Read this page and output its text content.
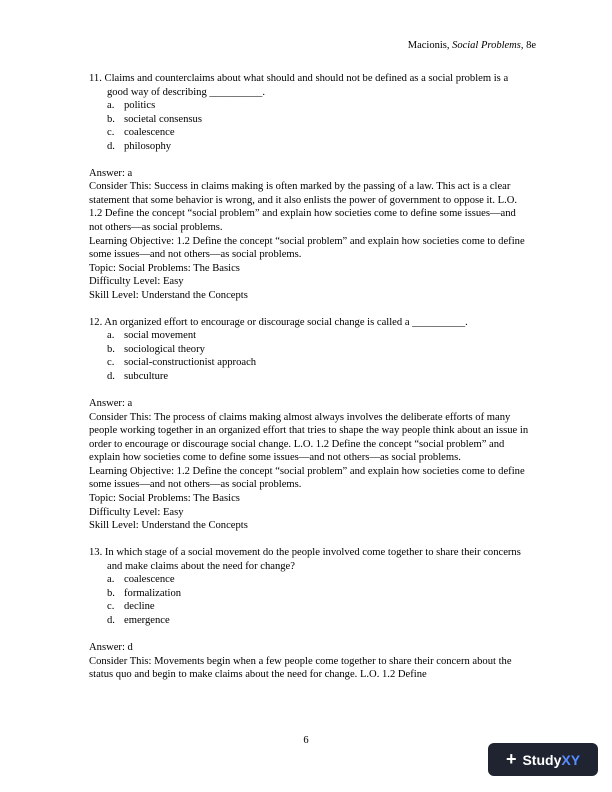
Macionis, Social Problems, 8e
11. Claims and counterclaims about what should and should not be defined as a social problem is a good way of describing __________.
a. politics
b. societal consensus
c. coalescence
d. philosophy

Answer: a

Consider This: Success in claims making is often marked by the passing of a law. This act is a clear statement that some behavior is wrong, and it also enlists the power of government to oppose it. L.O. 1.2 Define the concept “social problem” and explain how societies come to define some issues—and not others—as social problems.

Learning Objective: 1.2 Define the concept “social problem” and explain how societies come to define some issues—and not others—as social problems.

Topic: Social Problems: The Basics

Difficulty Level: Easy

Skill Level: Understand the Concepts

12. An organized effort to encourage or discourage social change is called a __________.
a. social movement
b. sociological theory
c. social-constructionist approach
d. subculture

Answer: a

Consider This: The process of claims making almost always involves the deliberate efforts of many people working together in an organized effort that tries to shape the way people think about an issue in order to encourage or discourage social change. L.O. 1.2 Define the concept “social problem” and explain how societies come to define some issues—and not others—as social problems.

Learning Objective: 1.2 Define the concept “social problem” and explain how societies come to define some issues—and not others—as social problems.

Topic: Social Problems: The Basics

Difficulty Level: Easy

Skill Level: Understand the Concepts

13. In which stage of a social movement do the people involved come together to share their concerns and make claims about the need for change?
a. coalescence
b. formalization
c. decline
d. emergence

Answer: d

Consider This: Movements begin when a few people come together to share their concern about the status quo and begin to make claims about the need for change. L.O. 1.2 Define

6
+ Study XY
